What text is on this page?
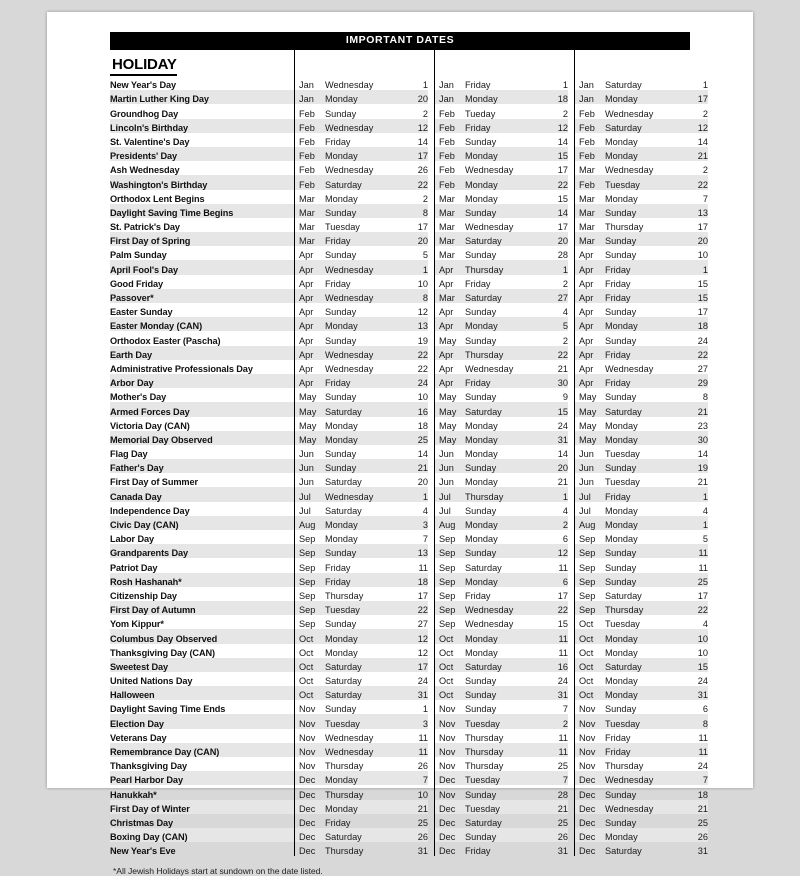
IMPORTANT DATES
HOLIDAY															
New Year's Day		Jan	Wednesday	1			Jan	Friday	1			Jan	Saturday	1	
Martin Luther King Day		Jan	Monday	20			Jan	Monday	18			Jan	Monday	17	
Groundhog Day		Feb	Sunday	2			Feb	Tueday	2			Feb	Wednesday	2	
Lincoln's Birthday		Feb	Wednesday	12			Feb	Friday	12			Feb	Saturday	12	
St. Valentine's Day		Feb	Friday	14			Feb	Sunday	14			Feb	Monday	14	
Presidents' Day		Feb	Monday	17			Feb	Monday	15			Feb	Monday	21	
Ash Wednesday		Feb	Wednesday	26			Feb	Wednesday	17			Mar	Wednesday	2	
Washington's Birthday		Feb	Saturday	22			Feb	Monday	22			Feb	Tuesday	22	
Orthodox Lent Begins		Mar	Monday	2			Mar	Monday	15			Mar	Monday	7	
Daylight Saving Time Begins		Mar	Sunday	8			Mar	Sunday	14			Mar	Sunday	13	
St. Patrick's Day		Mar	Tuesday	17			Mar	Wednesday	17			Mar	Thursday	17	
First Day of Spring		Mar	Friday	20			Mar	Saturday	20			Mar	Sunday	20	
Palm Sunday		Apr	Sunday	5			Mar	Sunday	28			Apr	Sunday	10	
April Fool's Day		Apr	Wednesday	1			Apr	Thursday	1			Apr	Friday	1	
Good Friday		Apr	Friday	10			Apr	Friday	2			Apr	Friday	15	
Passover*		Apr	Wednesday	8			Mar	Saturday	27			Apr	Friday	15	
Easter Sunday		Apr	Sunday	12			Apr	Sunday	4			Apr	Sunday	17	
Easter Monday (CAN)		Apr	Monday	13			Apr	Monday	5			Apr	Monday	18	
Orthodox Easter (Pascha)		Apr	Sunday	19			May	Sunday	2			Apr	Sunday	24	
Earth Day		Apr	Wednesday	22			Apr	Thursday	22			Apr	Friday	22	
Administrative Professionals Day		Apr	Wednesday	22			Apr	Wednesday	21			Apr	Wednesday	27	
Arbor Day		Apr	Friday	24			Apr	Friday	30			Apr	Friday	29	
Mother's Day		May	Sunday	10			May	Sunday	9			May	Sunday	8	
Armed Forces Day		May	Saturday	16			May	Saturday	15			May	Saturday	21	
Victoria Day (CAN)		May	Monday	18			May	Monday	24			May	Monday	23	
Memorial Day Observed		May	Monday	25			May	Monday	31			May	Monday	30	
Flag Day		Jun	Sunday	14			Jun	Monday	14			Jun	Tuesday	14	
Father's Day		Jun	Sunday	21			Jun	Sunday	20			Jun	Sunday	19	
First Day of Summer		Jun	Saturday	20			Jun	Monday	21			Jun	Tuesday	21	
Canada Day		Jul	Wednesday	1			Jul	Thursday	1			Jul	Friday	1	
Independence Day		Jul	Saturday	4			Jul	Sunday	4			Jul	Monday	4	
Civic Day (CAN)		Aug	Monday	3			Aug	Monday	2			Aug	Monday	1	
Labor Day		Sep	Monday	7			Sep	Monday	6			Sep	Monday	5	
Grandparents Day		Sep	Sunday	13			Sep	Sunday	12			Sep	Sunday	11	
Patriot Day		Sep	Friday	11			Sep	Saturday	11			Sep	Sunday	11	
Rosh Hashanah*		Sep	Friday	18			Sep	Monday	6			Sep	Sunday	25	
Citizenship Day		Sep	Thursday	17			Sep	Friday	17			Sep	Saturday	17	
First Day of Autumn		Sep	Tuesday	22			Sep	Wednesday	22			Sep	Thursday	22	
Yom Kippur*		Sep	Sunday	27			Sep	Wednesday	15			Oct	Tuesday	4	
Columbus Day Observed		Oct	Monday	12			Oct	Monday	11			Oct	Monday	10	
Thanksgiving Day (CAN)		Oct	Monday	12			Oct	Monday	11			Oct	Monday	10	
Sweetest Day		Oct	Saturday	17			Oct	Saturday	16			Oct	Saturday	15	
United Nations Day		Oct	Saturday	24			Oct	Sunday	24			Oct	Monday	24	
Halloween		Oct	Saturday	31			Oct	Sunday	31			Oct	Monday	31	
Daylight Saving Time Ends		Nov	Sunday	1			Nov	Sunday	7			Nov	Sunday	6	
Election Day		Nov	Tuesday	3			Nov	Tuesday	2			Nov	Tuesday	8	
Veterans Day		Nov	Wednesday	11			Nov	Thursday	11			Nov	Friday	11	
Remembrance Day (CAN)		Nov	Wednesday	11			Nov	Thursday	11			Nov	Friday	11	
Thanksgiving Day		Nov	Thursday	26			Nov	Thursday	25			Nov	Thursday	24	
Pearl Harbor Day		Dec	Monday	7			Dec	Tuesday	7			Dec	Wednesday	7	
Hanukkah*		Dec	Thursday	10			Nov	Sunday	28			Dec	Sunday	18	
First Day of Winter		Dec	Monday	21			Dec	Tuesday	21			Dec	Wednesday	21	
Christmas Day		Dec	Friday	25			Dec	Saturday	25			Dec	Sunday	25	
Boxing Day (CAN)		Dec	Saturday	26			Dec	Sunday	26			Dec	Monday	26	
New Year's Eve		Dec	Thursday	31			Dec	Friday	31			Dec	Saturday	31	
*All Jewish Holidays start at sundown on the date listed.
